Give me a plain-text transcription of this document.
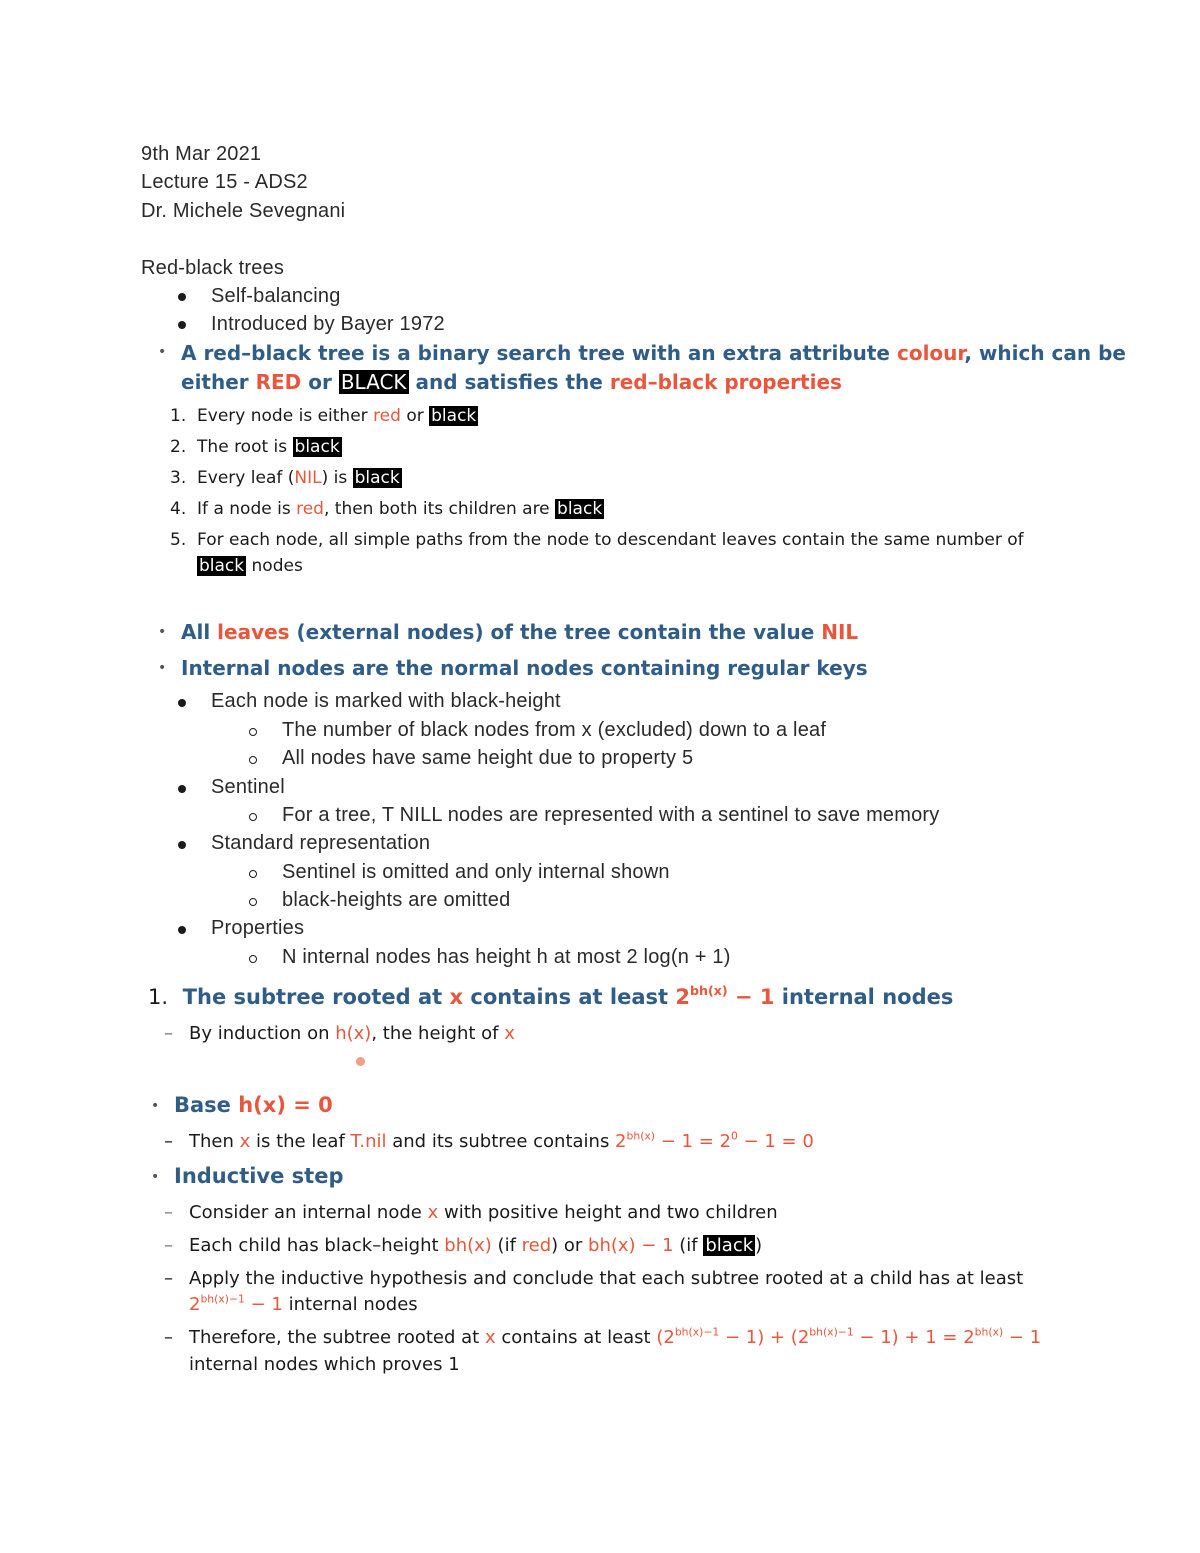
9th Mar 2021
Lecture 15 - ADS2
Dr. Michele Sevegnani
Red-black trees
Self-balancing
Introduced by Bayer 1972
• A red–black tree is a binary search tree with an extra attribute colour, which can be
either RED or BLACK and satisfies the red–black properties
1. Every node is either red or black
2. The root is black
3. Every leaf (NIL) is black
4. If a node is red, then both its children are black
5. For each node, all simple paths from the node to descendant leaves contain the same number of
black nodes
• All leaves (external nodes) of the tree contain the value NIL
• Internal nodes are the normal nodes containing regular keys
Each node is marked with black-height
The number of black nodes from x (excluded) down to a leaf
All nodes have same height due to property 5
Sentinel
For a tree, T NILL nodes are represented with a sentinel to save memory
Standard representation
Sentinel is omitted and only internal shown
black-heights are omitted
Properties
N internal nodes has height h at most 2 log(n + 1)
1. The subtree rooted at x contains at least $2^{bh(x)} - 1$ internal nodes
– By induction on h(x), the height of x
• Base h(x) = 0
– Then x is the leaf T.nil and its subtree contains $2^{bh(x)} - 1 = 2^0 - 1 = 0$
• Inductive step
– Consider an internal node x with positive height and two children
– Each child has black–height bh(x) (if red) or bh(x) − 1 (if black )
– Apply the inductive hypothesis and conclude that each subtree rooted at a child has at least
$2^{bh(x)-1} - 1$ internal nodes
– Therefore, the subtree rooted at x contains at least $(2^{bh(x)-1} - 1) + (2^{bh(x)-1} - 1) + 1 = 2^{bh(x)} - 1$
internal nodes which proves 1
